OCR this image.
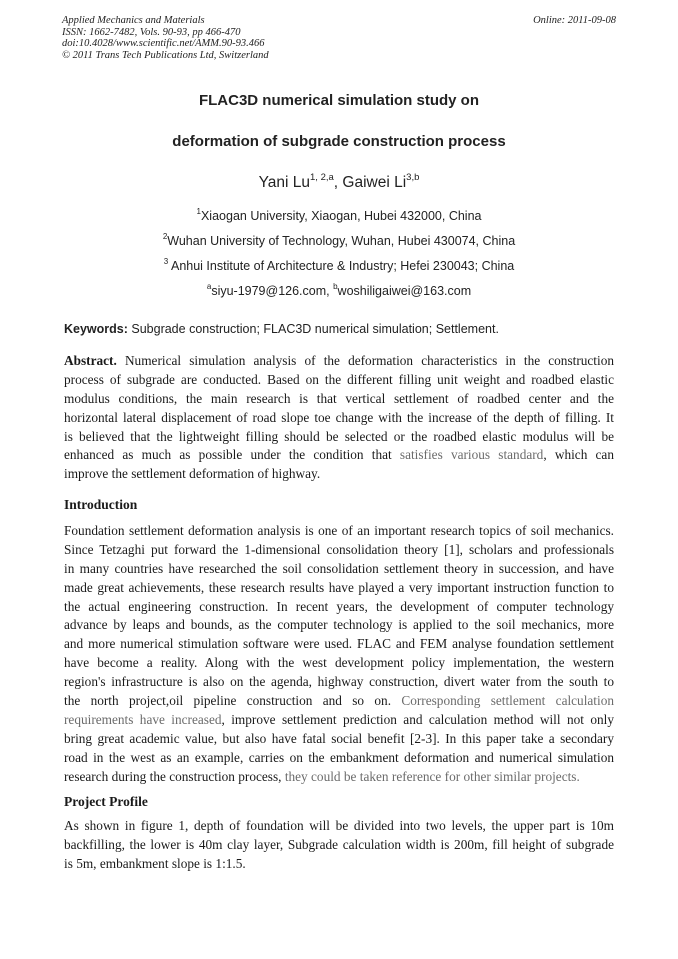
Applied Mechanics and Materials
ISSN: 1662-7482, Vols. 90-93, pp 466-470
doi:10.4028/www.scientific.net/AMM.90-93.466
© 2011 Trans Tech Publications Ltd, Switzerland
Online: 2011-09-08
FLAC3D numerical simulation study on
deformation of subgrade construction process
Yani Lu$^{1, 2,a}$, Gaiwei Li$^{3,b}$
$^1$Xiaogan University, Xiaogan, Hubei 432000, China
$^2$Wuhan University of Technology, Wuhan, Hubei 430074, China
$^3$ Anhui Institute of Architecture & Industry; Hefei 230043; China
$^a$siyu-1979@126.com, $^b$woshiligaiwei@163.com
Keywords: Subgrade construction; FLAC3D numerical simulation; Settlement.
Abstract. Numerical simulation analysis of the deformation characteristics in the construction
process of subgrade are conducted. Based on the different filling unit weight and roadbed elastic
modulus conditions, the main research is that vertical settlement of roadbed center and the
horizontal lateral displacement of road slope toe change with the increase of the depth of filling. It
is believed that the lightweight filling should be selected or the roadbed elastic modulus will be
enhanced as much as possible under the condition that satisfies various standard, which can
improve the settlement deformation of highway.
Introduction
Foundation settlement deformation analysis is one of an important research topics of soil mechanics.
Since Tetzaghi put forward the 1-dimensional consolidation theory [1], scholars and professionals
in many countries have researched the soil consolidation settlement theory in succession, and have
made great achievements, these research results have played a very important instruction function to
the actual engineering construction. In recent years, the development of computer technology
advance by leaps and bounds, as the computer technology is applied to the soil mechanics, more
and more numerical stimulation software were used. FLAC and FEM analyse foundation settlement
have become a reality. Along with the west development policy implementation, the western
region's infrastructure is also on the agenda, highway construction, divert water from the south to
the north project,oil pipeline construction and so on. Corresponding settlement calculation
requirements have increased, improve settlement prediction and calculation method will not only
bring great academic value, but also have fatal social benefit [2-3]. In this paper take a secondary
road in the west as an example, carries on the embankment deformation and numerical simulation
research during the construction process, they could be taken reference for other similar projects.
Project Profile
As shown in figure 1, depth of foundation will be divided into two levels, the upper part is 10m
backfilling, the lower is 40m clay layer, Subgrade calculation width is 200m, fill height of subgrade
is 5m, embankment slope is 1:1.5.
